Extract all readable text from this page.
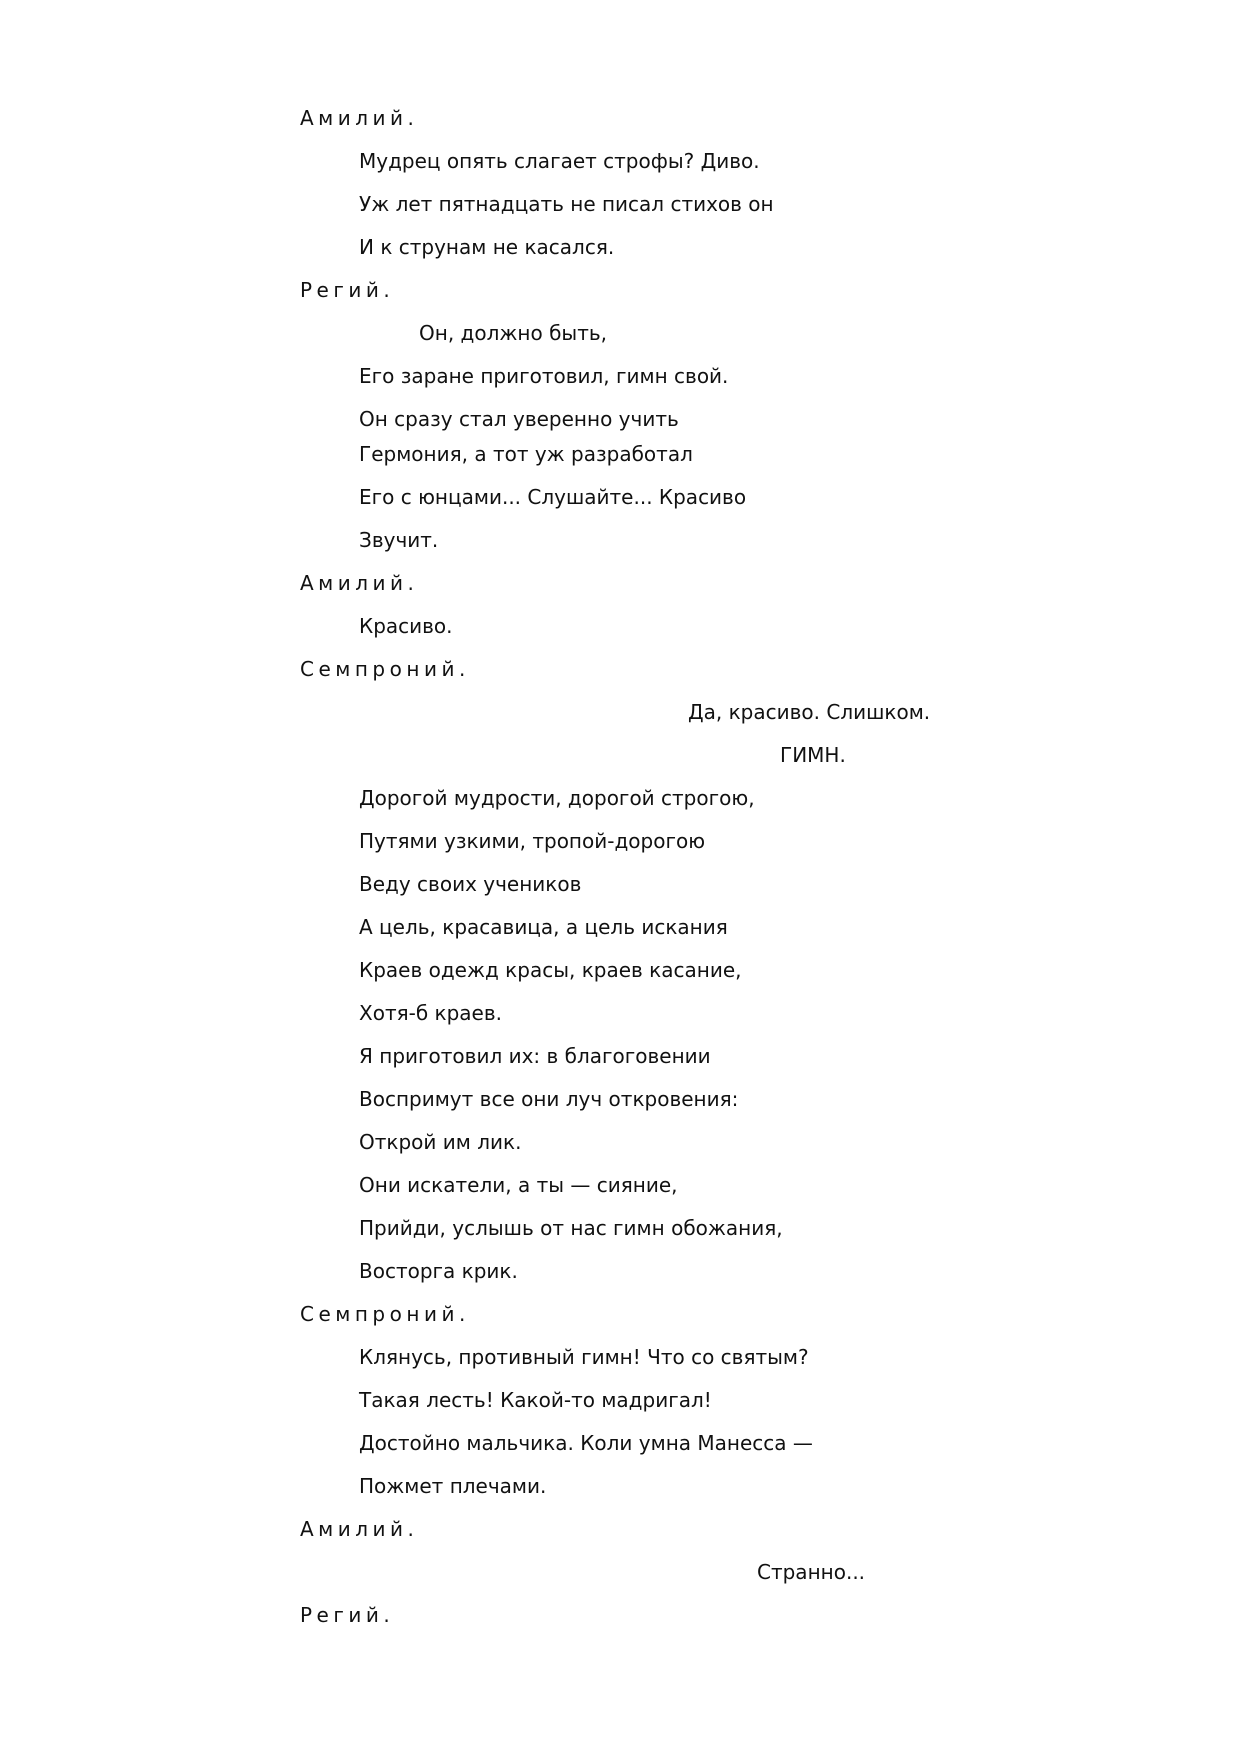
Амилий.
Мудрец опять слагает строфы? Диво.
Уж лет пятнадцать не писал стихов он
И к струнам не касался.
Регий.
Он, должно быть,
Его заране приготовил, гимн свой.
Он сразу стал уверенно учить
Гермония, а тот уж разработал
Его с юнцами... Слушайте... Красиво
Звучит.
Амилий.
Красиво.
Семпроний.
Да, красиво. Слишком.
ГИМН.
Дорогой мудрости, дорогой строгою,
Путями узкими, тропой-дорогою
Веду своих учеников
А цель, красавица, а цель искания
Краев одежд красы, краев касание,
Хотя-б краев.
Я приготовил их: в благоговении
Воспримут все они луч откровения:
Открой им лик.
Они искатели, а ты — сияние,
Прийди, услышь от нас гимн обожания,
Восторга крик.
Семпроний.
Клянусь, противный гимн! Что со святым?
Такая лесть! Какой-то мадригал!
Достойно мальчика. Коли умна Манесса —
Пожмет плечами.
Амилий.
Странно...
Регий.
